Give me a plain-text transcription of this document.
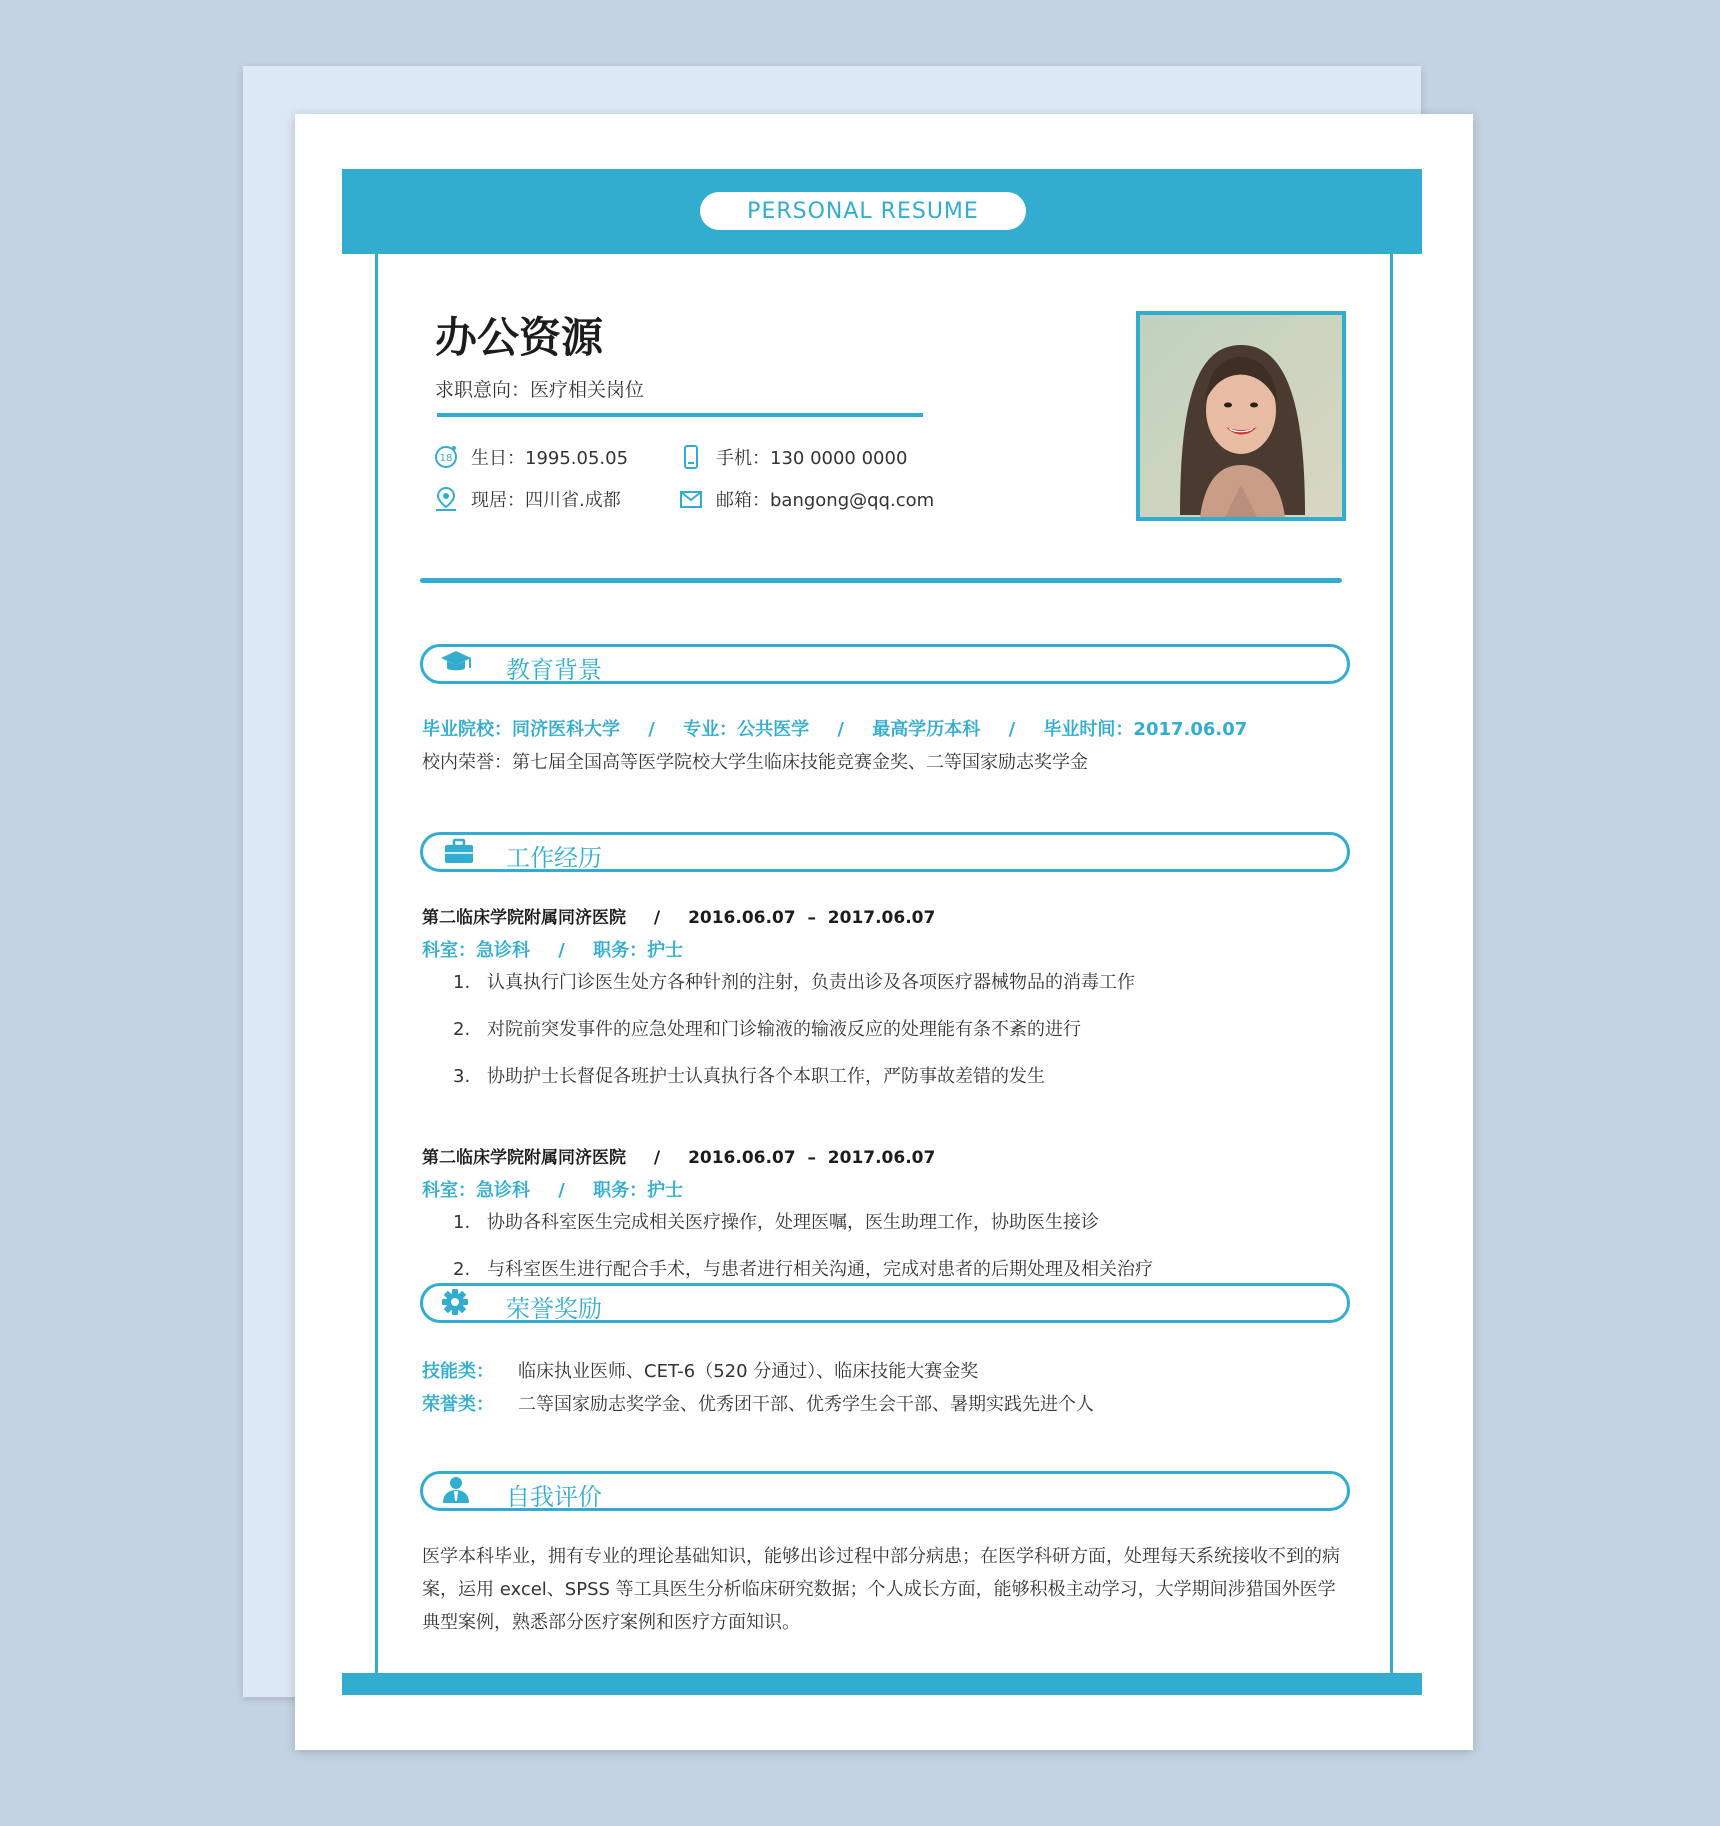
PERSONAL RESUME
办公资源
求职意向：医疗相关岗位
18 生日：1995.05.05	手机：130 0000 0000
现居：四川省.成都	邮箱：bangong@qq.com
教育背景
毕业院校：同济医科大学 / 专业：公共医学 / 最高学历本科 / 毕业时间：2017.06.07
校内荣誉：第七届全国高等医学院校大学生临床技能竞赛金奖、二等国家励志奖学金
工作经历
第二临床学院附属同济医院 / 2016.06.07  –  2017.06.07
科室：急诊科 / 职务：护士
1. 认真执行门诊医生处方各种针剂的注射，负责出诊及各项医疗器械物品的消毒工作
2. 对院前突发事件的应急处理和门诊输液的输液反应的处理能有条不紊的进行
3. 协助护士长督促各班护士认真执行各个本职工作，严防事故差错的发生
第二临床学院附属同济医院 / 2016.06.07  –  2017.06.07
科室：急诊科 / 职务：护士
1. 协助各科室医生完成相关医疗操作，处理医嘱，医生助理工作，协助医生接诊
2. 与科室医生进行配合手术，与患者进行相关沟通，完成对患者的后期处理及相关治疗
荣誉奖励
技能类： 临床执业医师、CET-6（520 分通过）、临床技能大赛金奖
荣誉类： 二等国家励志奖学金、优秀团干部、优秀学生会干部、暑期实践先进个人
自我评价
医学本科毕业，拥有专业的理论基础知识，能够出诊过程中部分病患；在医学科研方面，处理每天系统接收不到的病案，运用 excel、SPSS 等工具医生分析临床研究数据；个人成长方面，能够积极主动学习，大学期间涉猎国外医学典型案例，熟悉部分医疗案例和医疗方面知识。
